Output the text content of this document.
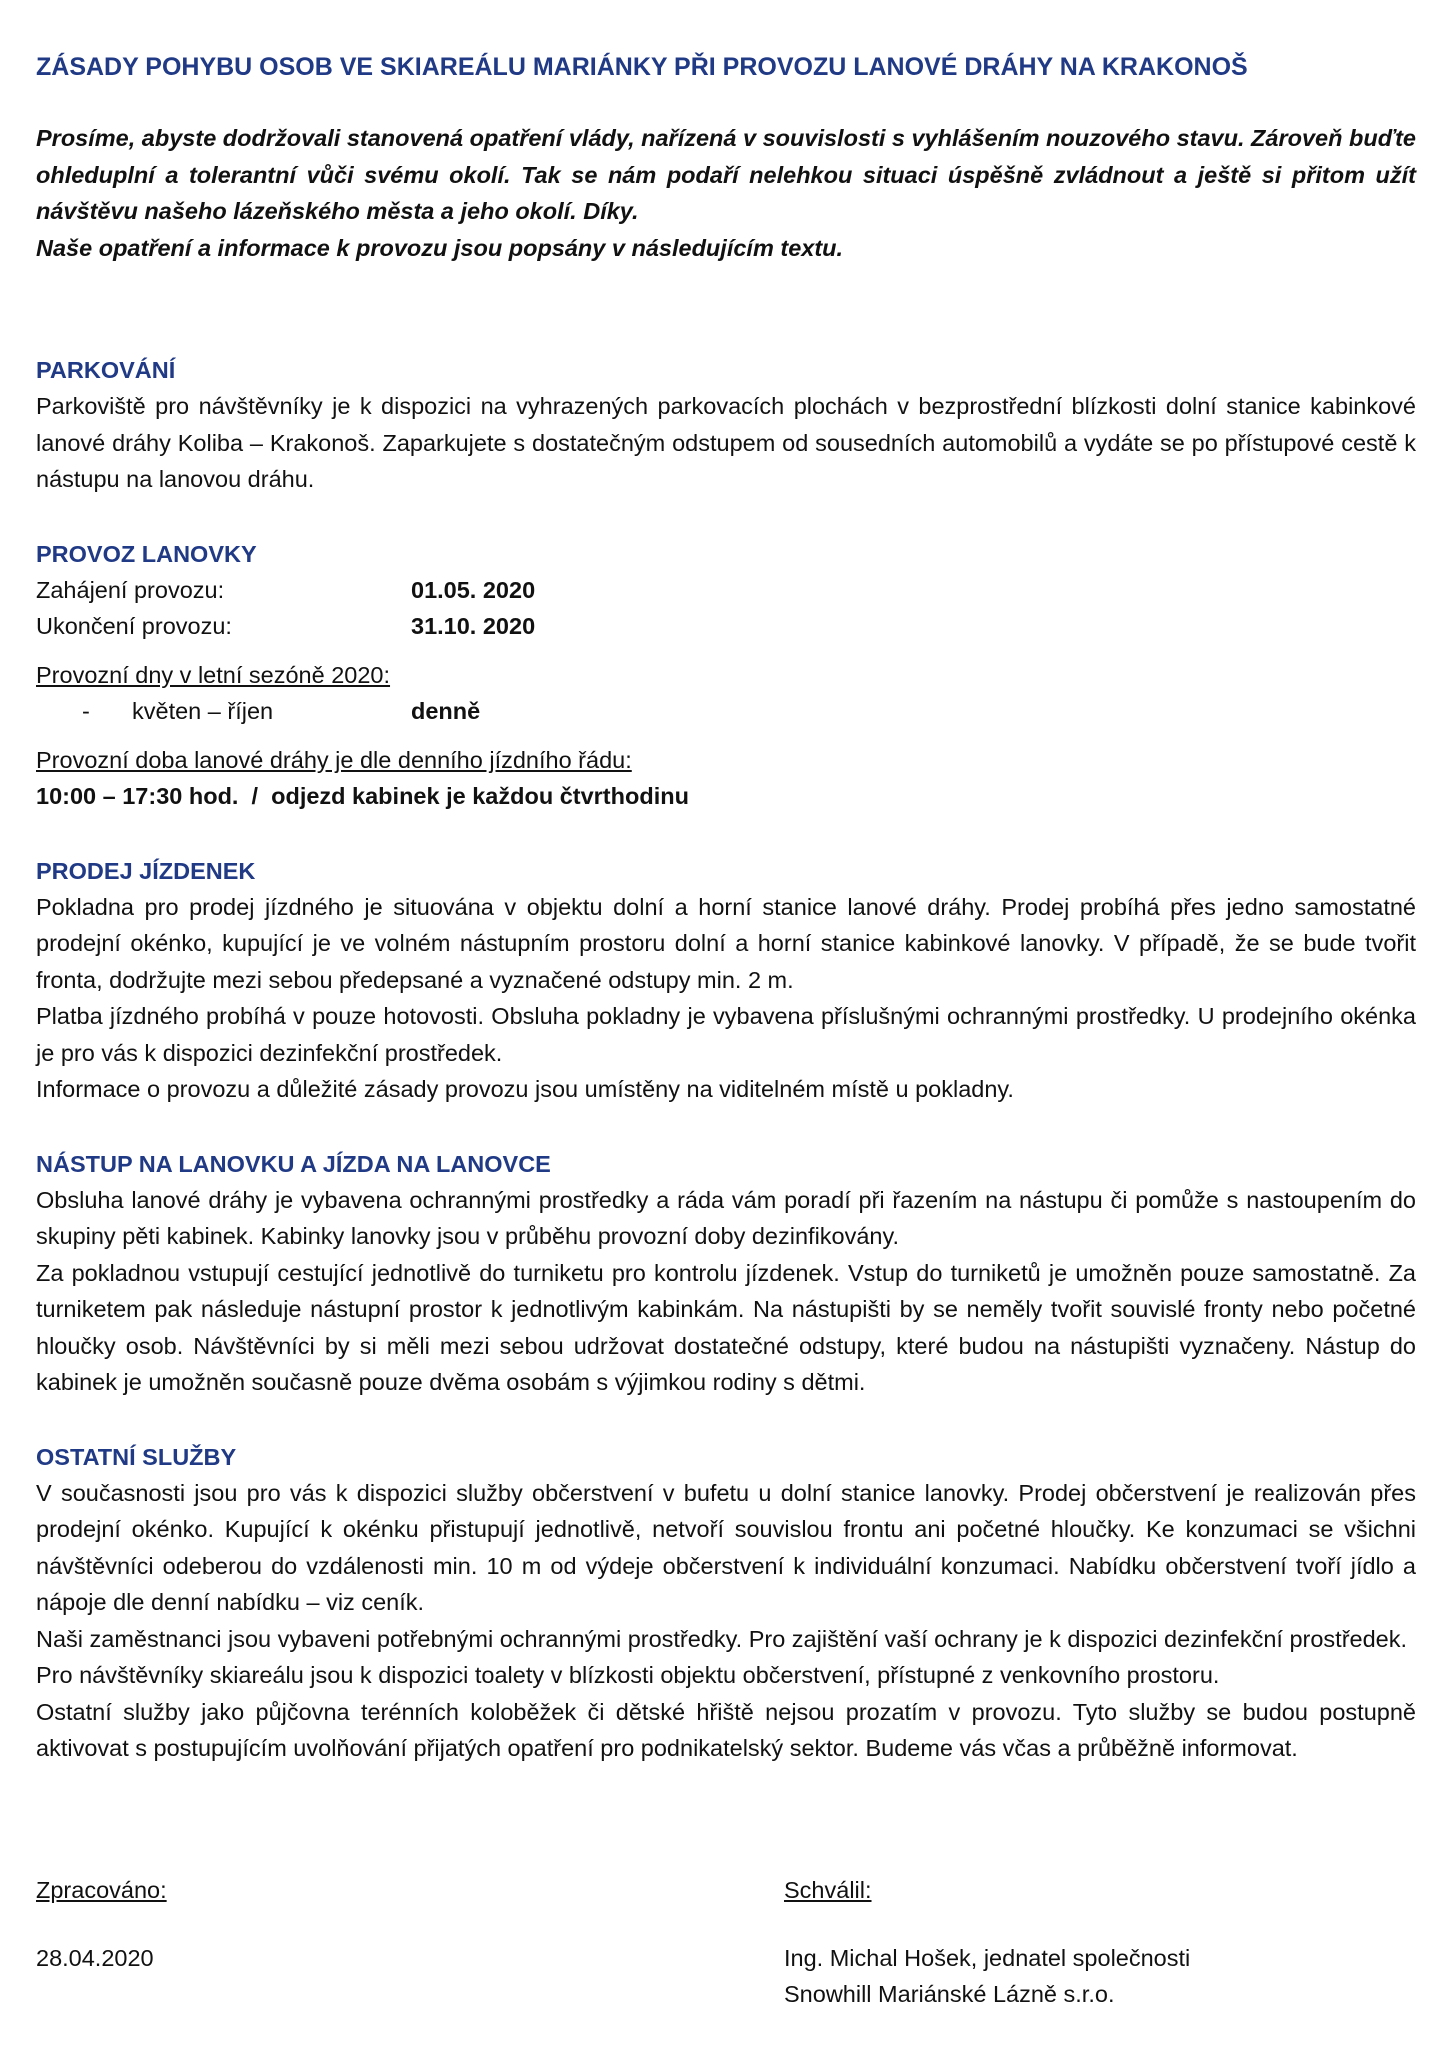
ZÁSADY POHYBU OSOB VE SKIAREÁLU MARIÁNKY PŘI PROVOZU LANOVÉ DRÁHY NA KRAKONOŠ

Prosíme, abyste dodržovali stanovená opatření vlády, nařízená v souvislosti s vyhlášením nouzového stavu. Zároveň buďte ohleduplní a tolerantní vůči svému okolí. Tak se nám podaří nelehkou situaci úspěšně zvládnout a ještě si přitom užít návštěvu našeho lázeňského města a jeho okolí. Díky.

Naše opatření a informace k provozu jsou popsány v následujícím textu.

PARKOVÁNÍ

Parkoviště pro návštěvníky je k dispozici na vyhrazených parkovacích plochách v bezprostřední blízkosti dolní stanice kabinkové lanové dráhy Koliba – Krakonoš. Zaparkujete s dostatečným odstupem od sousedních automobilů a vydáte se po přístupové cestě k nástupu na lanovou dráhu.

PROVOZ LANOVKY
Zahájení provozu:	01.05. 2020
Ukončení provozu:	31.10. 2020
Provozní dny v letní sezóně 2020:
-	květen – říjen	denně
Provozní doba lanové dráhy je dle denního jízdního řádu:
10:00 – 17:30 hod.  /  odjezd kabinek je každou čtvrthodinu
PRODEJ JÍZDENEK

Pokladna pro prodej jízdného je situována v objektu dolní a horní stanice lanové dráhy. Prodej probíhá přes jedno samostatné prodejní okénko, kupující je ve volném nástupním prostoru dolní a horní stanice kabinkové lanovky. V případě, že se bude tvořit fronta, dodržujte mezi sebou předepsané a vyznačené odstupy min. 2 m.

Platba jízdného probíhá v pouze hotovosti. Obsluha pokladny je vybavena příslušnými ochrannými prostředky. U prodejního okénka je pro vás k dispozici dezinfekční prostředek.

Informace o provozu a důležité zásady provozu jsou umístěny na viditelném místě u pokladny.

NÁSTUP NA LANOVKU A JÍZDA NA LANOVCE

Obsluha lanové dráhy je vybavena ochrannými prostředky a ráda vám poradí při řazením na nástupu či pomůže s nastoupením do skupiny pěti kabinek. Kabinky lanovky jsou v průběhu provozní doby dezinfikovány.

Za pokladnou vstupují cestující jednotlivě do turniketu pro kontrolu jízdenek. Vstup do turniketů je umožněn pouze samostatně. Za turniketem pak následuje nástupní prostor k jednotlivým kabinkám. Na nástupišti by se neměly tvořit souvislé fronty nebo početné hloučky osob. Návštěvníci by si měli mezi sebou udržovat dostatečné odstupy, které budou na nástupišti vyznačeny. Nástup do kabinek je umožněn současně pouze dvěma osobám s výjimkou rodiny s dětmi.

OSTATNÍ SLUŽBY

V současnosti jsou pro vás k dispozici služby občerstvení v bufetu u dolní stanice lanovky. Prodej občerstvení je realizován přes prodejní okénko. Kupující k okénku přistupují jednotlivě, netvoří souvislou frontu ani početné hloučky. Ke konzumaci se všichni návštěvníci odeberou do vzdálenosti min. 10 m od výdeje občerstvení k individuální konzumaci. Nabídku občerstvení tvoří jídlo a nápoje dle denní nabídku – viz ceník.

Naši zaměstnanci jsou vybaveni potřebnými ochrannými prostředky. Pro zajištění vaší ochrany je k dispozici dezinfekční prostředek.

Pro návštěvníky skiareálu jsou k dispozici toalety v blízkosti objektu občerstvení, přístupné z venkovního prostoru.

Ostatní služby jako půjčovna terénních koloběžek či dětské hřiště nejsou prozatím v provozu. Tyto služby se budou postupně aktivovat s postupujícím uvolňování přijatých opatření pro podnikatelský sektor. Budeme vás včas a průběžně informovat.

Zpracováno:
28.04.2020
Schválil:
Ing. Michal Hošek, jednatel společnosti
Snowhill Mariánské Lázně s.r.o.
